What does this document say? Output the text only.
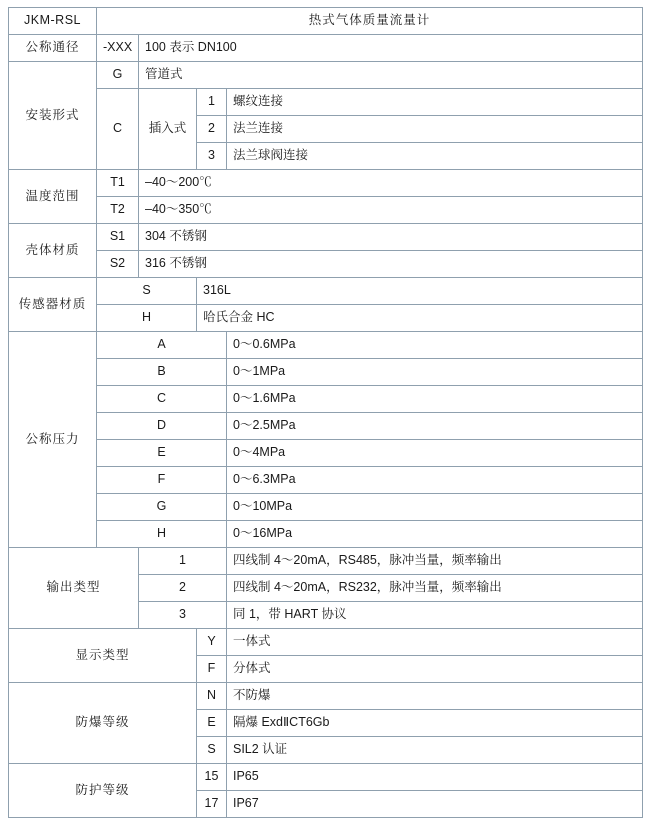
JKM-RSL	热式气体质量流量计			
公称通径	-XXX	100 表示 DN100		
安装形式	G	管道式		
	C	插入式	1	螺纹连接
			2	法兰连接
			3	法兰球阀连接
温度范围	T1	–40～200℃		
	T2	–40～350℃		
壳体材质	S1	304 不锈钢		
	S2	316 不锈钢		
传感器材质	S		316L	
	H		哈氏合金 HC	
公称压力	A			0～0.6MPa
	B			0～1MPa
	C			0～1.6MPa
	D			0～2.5MPa
	E			0～4MPa
	F			0～6.3MPa
	G			0～10MPa
	H			0～16MPa
输出类型		1		四线制 4～20mA，RS485，脉冲当量，频率输出
		2		四线制 4～20mA，RS232，脉冲当量，频率输出
		3		同 1，带 HART 协议
显示类型			Y	一体式
			F	分体式
防爆等级			N	不防爆
			E	隔爆 ExdⅡCT6Gb
			S	SIL2 认证
防护等级			15	IP65
			17	IP67
